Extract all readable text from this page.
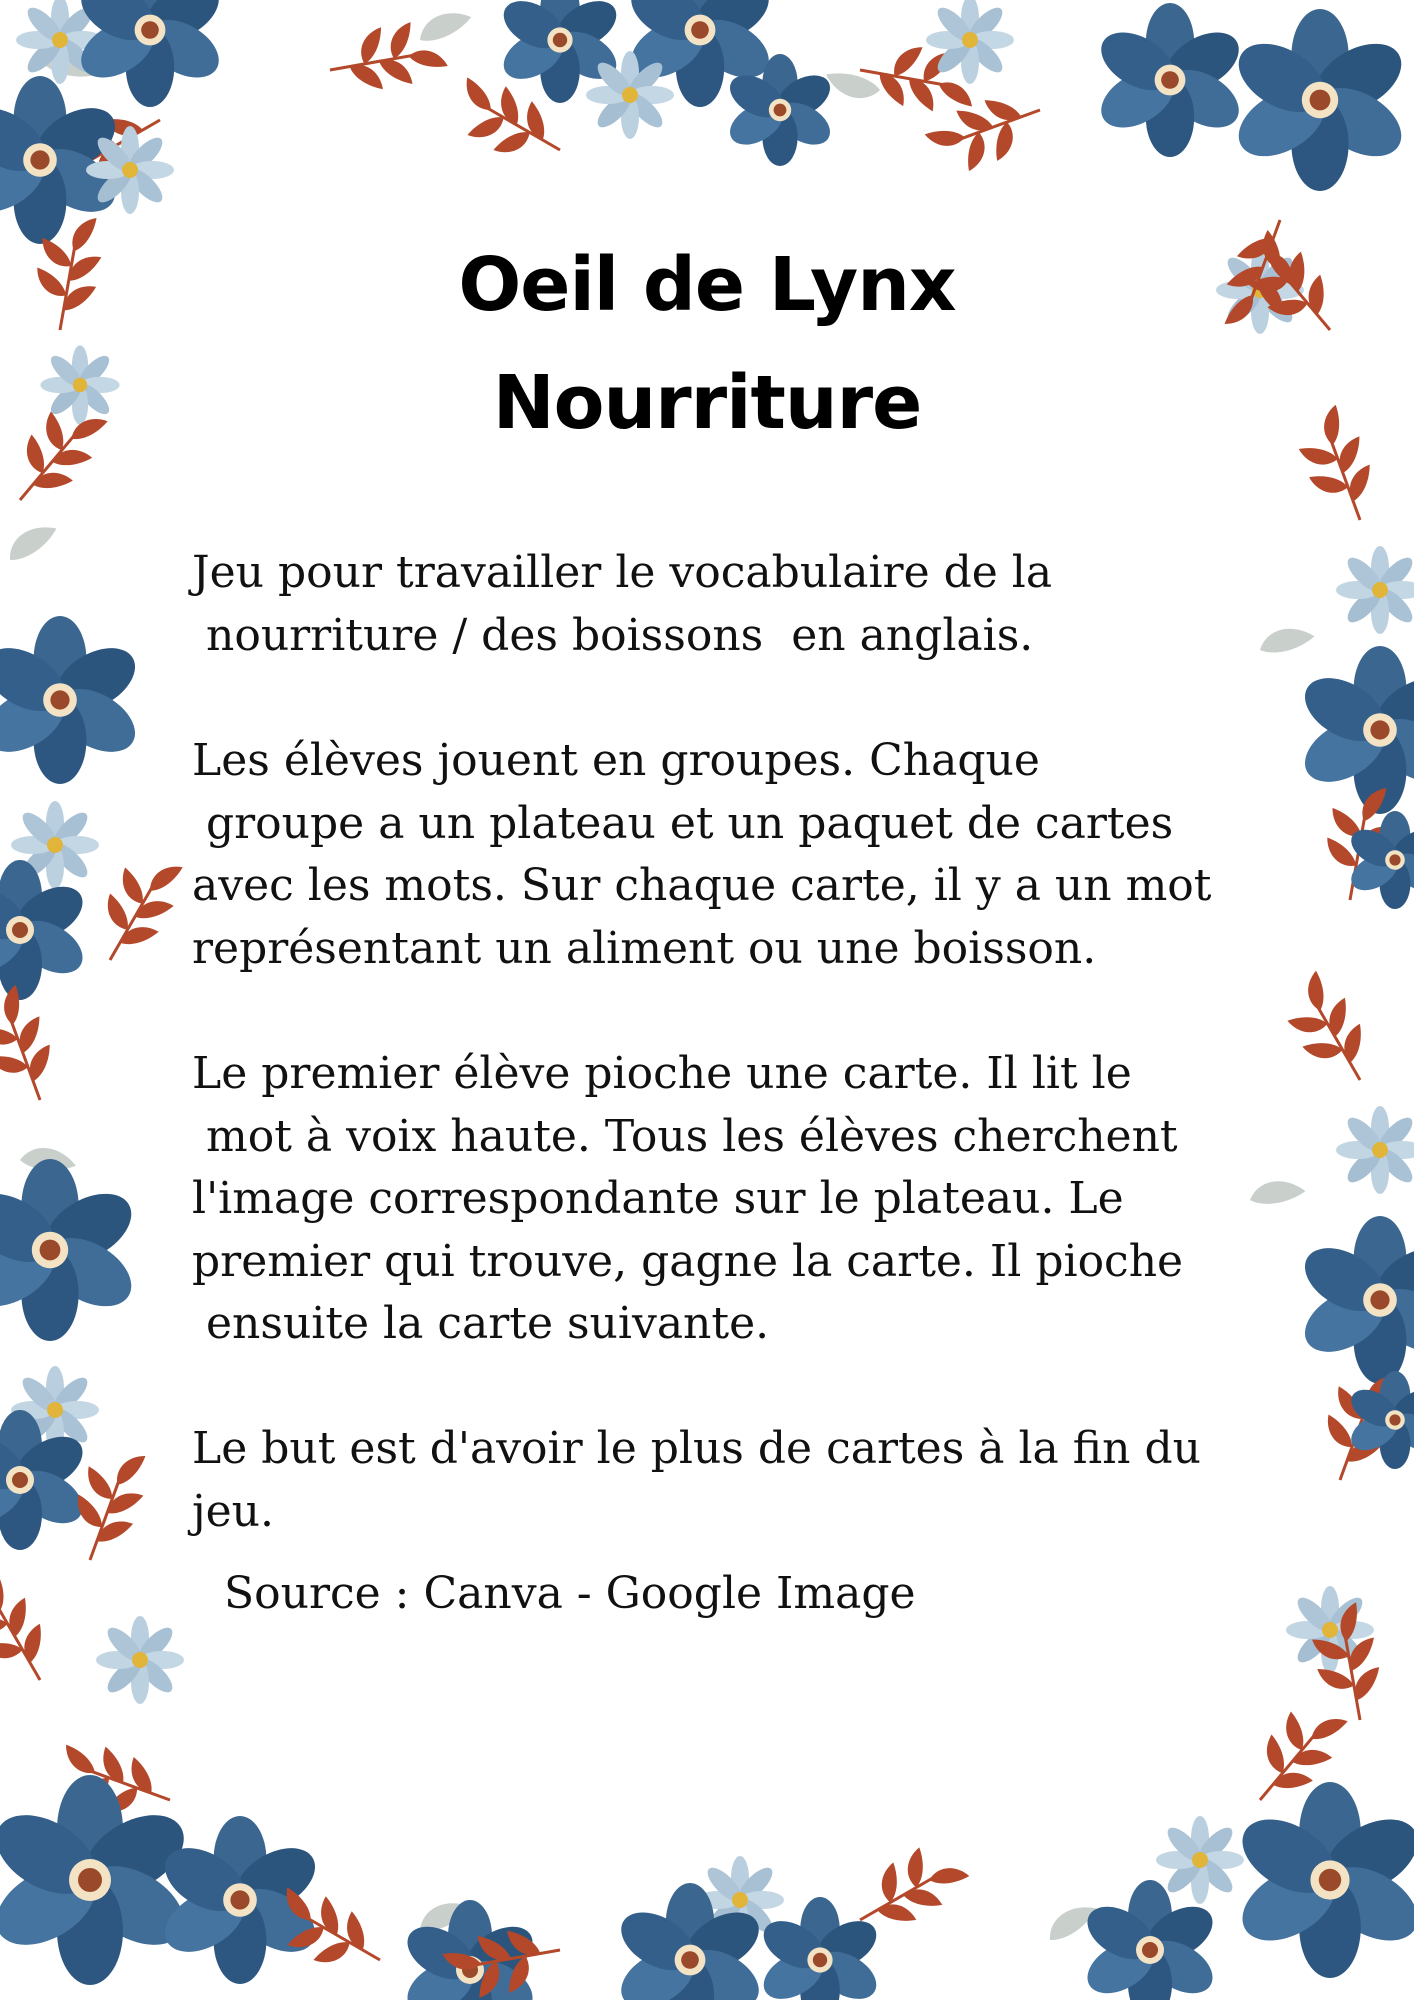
Oeil de Lynx
Nourriture

Jeu pour travailler le vocabulaire de la
nourriture / des boissons  en anglais.

Les élèves jouent en groupes. Chaque
groupe a un plateau et un paquet de cartes
avec les mots. Sur chaque carte, il y a un mot
représentant un aliment ou une boisson.

Le premier élève pioche une carte. Il lit le
mot à voix haute. Tous les élèves cherchent
l'image correspondante sur le plateau. Le
premier qui trouve, gagne la carte. Il pioche
ensuite la carte suivante.

Le but est d'avoir le plus de cartes à la fin du
jeu.

Source : Canva - Google Image
